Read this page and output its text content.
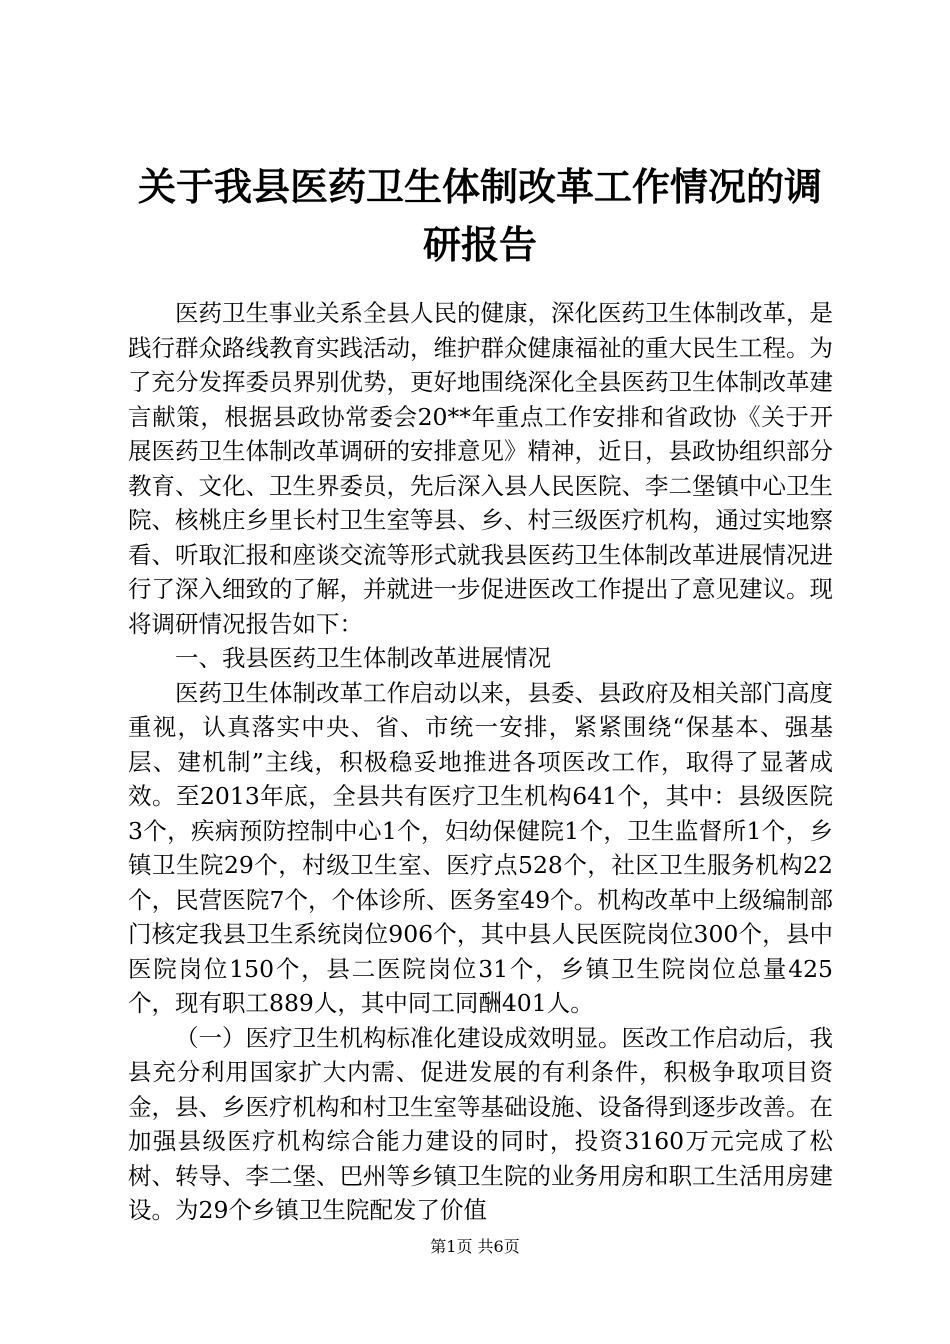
关于我县医药卫生体制改革工作情况的调研报告

医药卫生事业关系全县人民的健康，深化医药卫生体制改革，是践行群众路线教育实践活动，维护群众健康福祉的重大民生工程。为了充分发挥委员界别优势，更好地围绕深化全县医药卫生体制改革建言献策，根据县政协常委会20**年重点工作安排和省政协《关于开展医药卫生体制改革调研的安排意见》精神，近日，县政协组织部分教育、文化、卫生界委员，先后深入县人民医院、李二堡镇中心卫生院、核桃庄乡里长村卫生室等县、乡、村三级医疗机构，通过实地察看、听取汇报和座谈交流等形式就我县医药卫生体制改革进展情况进行了深入细致的了解，并就进一步促进医改工作提出了意见建议。现将调研情况报告如下：

一、我县医药卫生体制改革进展情况

医药卫生体制改革工作启动以来，县委、县政府及相关部门高度重视，认真落实中央、省、市统一安排，紧紧围绕“保基本、强基层、建机制”主线，积极稳妥地推进各项医改工作，取得了显著成效。至2013年底，全县共有医疗卫生机构641个，其中：县级医院3个，疾病预防控制中心1个，妇幼保健院1个，卫生监督所1个，乡镇卫生院29个，村级卫生室、医疗点528个，社区卫生服务机构22个，民营医院7个，个体诊所、医务室49个。机构改革中上级编制部门核定我县卫生系统岗位906个，其中县人民医院岗位300个，县中医院岗位150个，县二医院岗位31个，乡镇卫生院岗位总量425个，现有职工889人，其中同工同酬401人。

（一）医疗卫生机构标准化建设成效明显。医改工作启动后，我县充分利用国家扩大内需、促进发展的有利条件，积极争取项目资金，县、乡医疗机构和村卫生室等基础设施、设备得到逐步改善。在加强县级医疗机构综合能力建设的同时，投资3160万元完成了松树、转导、李二堡、巴州等乡镇卫生院的业务用房和职工生活用房建设。为29个乡镇卫生院配发了价值

第1页 共6页
